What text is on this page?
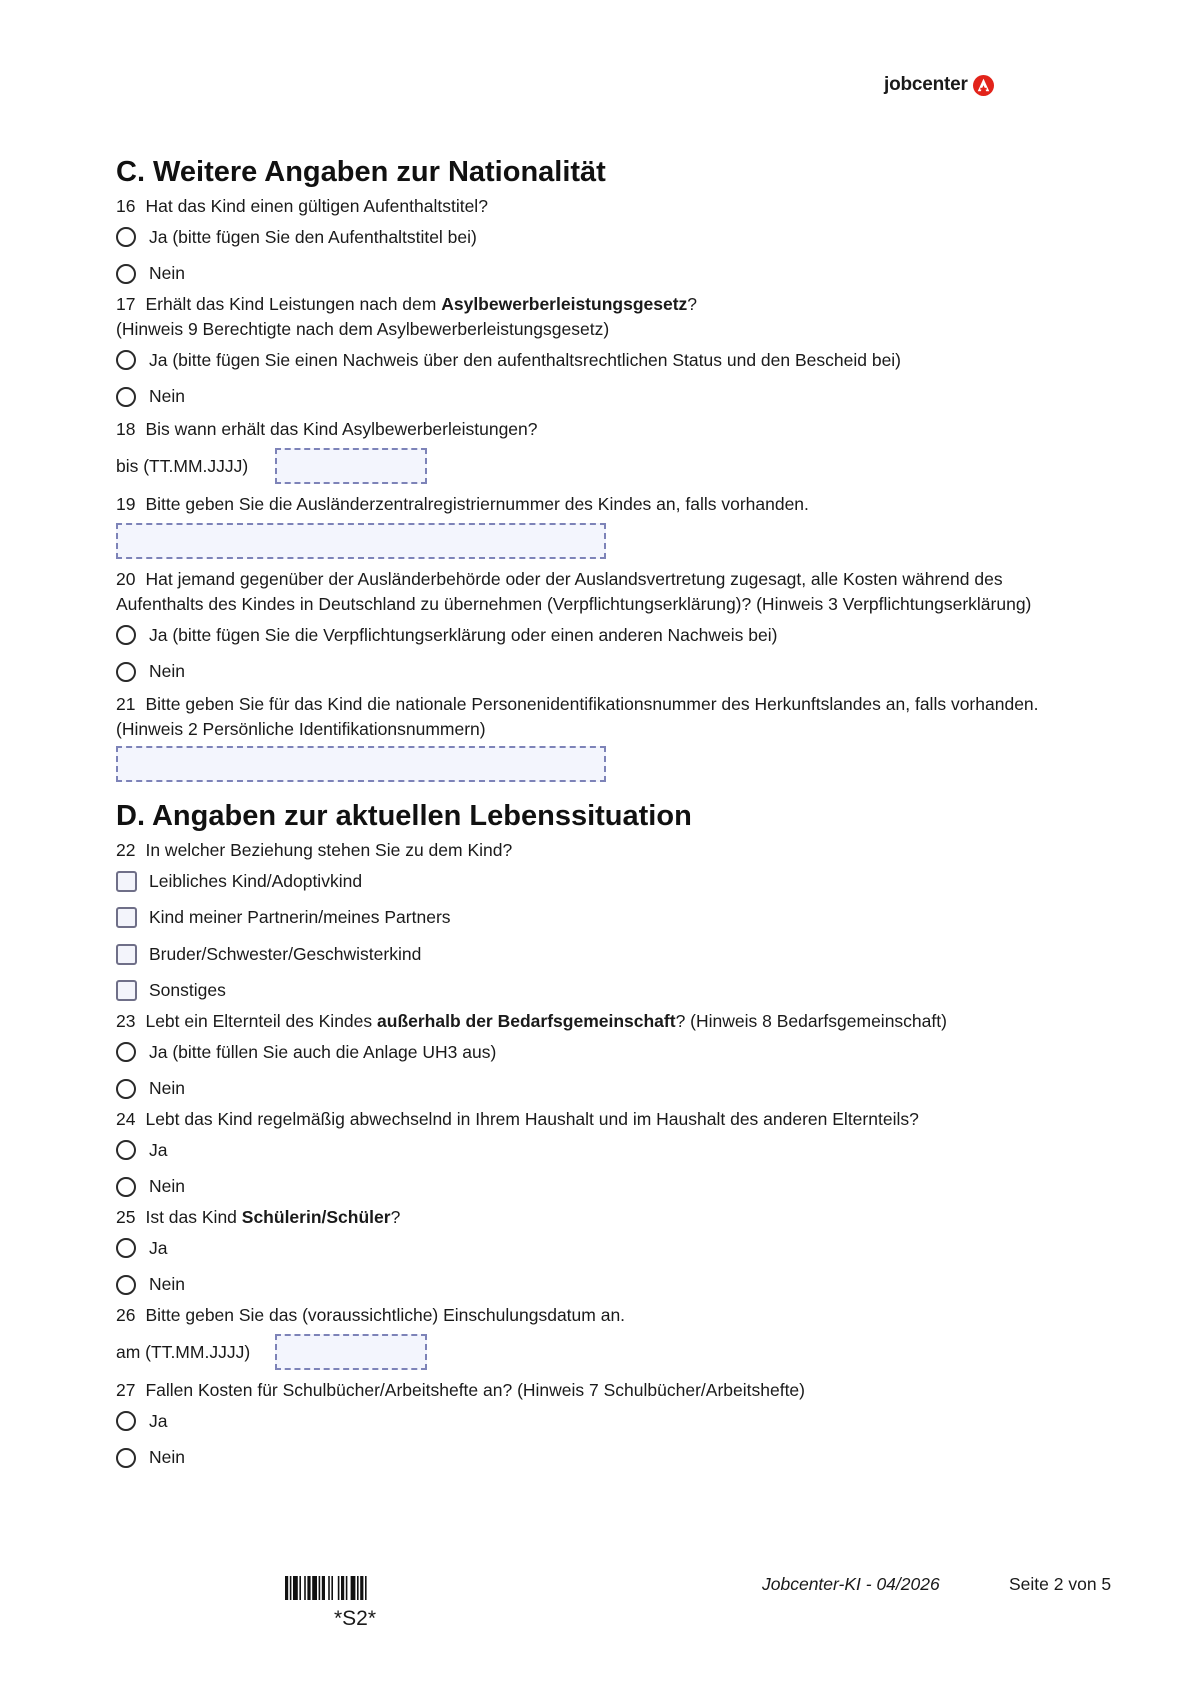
jobcenter
C. Weitere Angaben zur Nationalität
16 Hat das Kind einen gültigen Aufenthaltstitel?
Ja (bitte fügen Sie den Aufenthaltstitel bei)
Nein
17 Erhält das Kind Leistungen nach dem Asylbewerberleistungsgesetz?
(Hinweis 9 Berechtigte nach dem Asylbewerberleistungsgesetz)
Ja (bitte fügen Sie einen Nachweis über den aufenthaltsrechtlichen Status und den Bescheid bei)
Nein
18 Bis wann erhält das Kind Asylbewerberleistungen?
bis (TT.MM.JJJJ)
19 Bitte geben Sie die Ausländerzentralregistriernummer des Kindes an, falls vorhanden.
20 Hat jemand gegenüber der Ausländerbehörde oder der Auslandsvertretung zugesagt, alle Kosten während des Aufenthalts des Kindes in Deutschland zu übernehmen (Verpflichtungserklärung)? (Hinweis 3 Verpflichtungserklärung)
Ja (bitte fügen Sie die Verpflichtungserklärung oder einen anderen Nachweis bei)
Nein
21 Bitte geben Sie für das Kind die nationale Personenidentifikationsnummer des Herkunftslandes an, falls vorhanden.
(Hinweis 2 Persönliche Identifikationsnummern)
D. Angaben zur aktuellen Lebenssituation
22 In welcher Beziehung stehen Sie zu dem Kind?
Leibliches Kind/Adoptivkind
Kind meiner Partnerin/meines Partners
Bruder/Schwester/Geschwisterkind
Sonstiges
23 Lebt ein Elternteil des Kindes außerhalb der Bedarfsgemeinschaft? (Hinweis 8 Bedarfsgemeinschaft)
Ja (bitte füllen Sie auch die Anlage UH3 aus)
Nein
24 Lebt das Kind regelmäßig abwechselnd in Ihrem Haushalt und im Haushalt des anderen Elternteils?
Ja
Nein
25 Ist das Kind Schülerin/Schüler?
Ja
Nein
26 Bitte geben Sie das (voraussichtliche) Einschulungsdatum an.
am (TT.MM.JJJJ)
27 Fallen Kosten für Schulbücher/Arbeitshefte an? (Hinweis 7 Schulbücher/Arbeitshefte)
Ja
Nein
*S2*
Jobcenter-KI - 04/2026	Seite 2 von 5
